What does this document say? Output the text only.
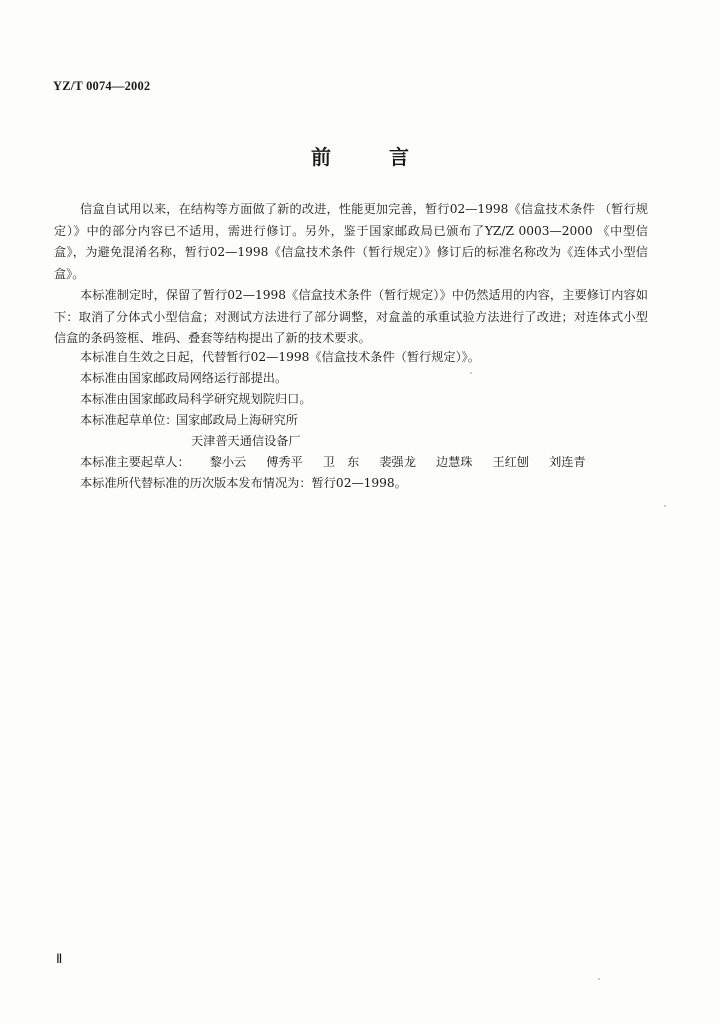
YZ/T 0074—2002
前言
信盒自试用以来，在结构等方面做了新的改进，性能更加完善，暂行02—1998《信盒技术条件 （暂行规定）》中的部分内容已不适用，需进行修订。另外，鉴于国家邮政局已颁布了YZ/Z 0003—2000 《中型信盒》，为避免混淆名称，暂行02—1998《信盒技术条件（暂行规定）》修订后的标准名称改为《连体式小型信盒》。
本标准制定时，保留了暂行02—1998《信盒技术条件（暂行规定）》中仍然适用的内容，主要修订内容如下：取消了分体式小型信盒；对测试方法进行了部分调整，对盒盖的承重试验方法进行了改进；对连体式小型信盒的条码签框、堆码、叠套等结构提出了新的技术要求。
本标准自生效之日起，代替暂行02—1998《信盒技术条件（暂行规定）》。
本标准由国家邮政局网络运行部提出。
本标准由国家邮政局科学研究规划院归口。
本标准起草单位：
国家邮政局上海研究所
天津普天通信设备厂
本标准主要起草人： 黎小云 傅秀平 卫　东 裴强龙 边慧珠 王红刨 刘连青
本标准所代替标准的历次版本发布情况为：暂行02—1998。
Ⅱ
